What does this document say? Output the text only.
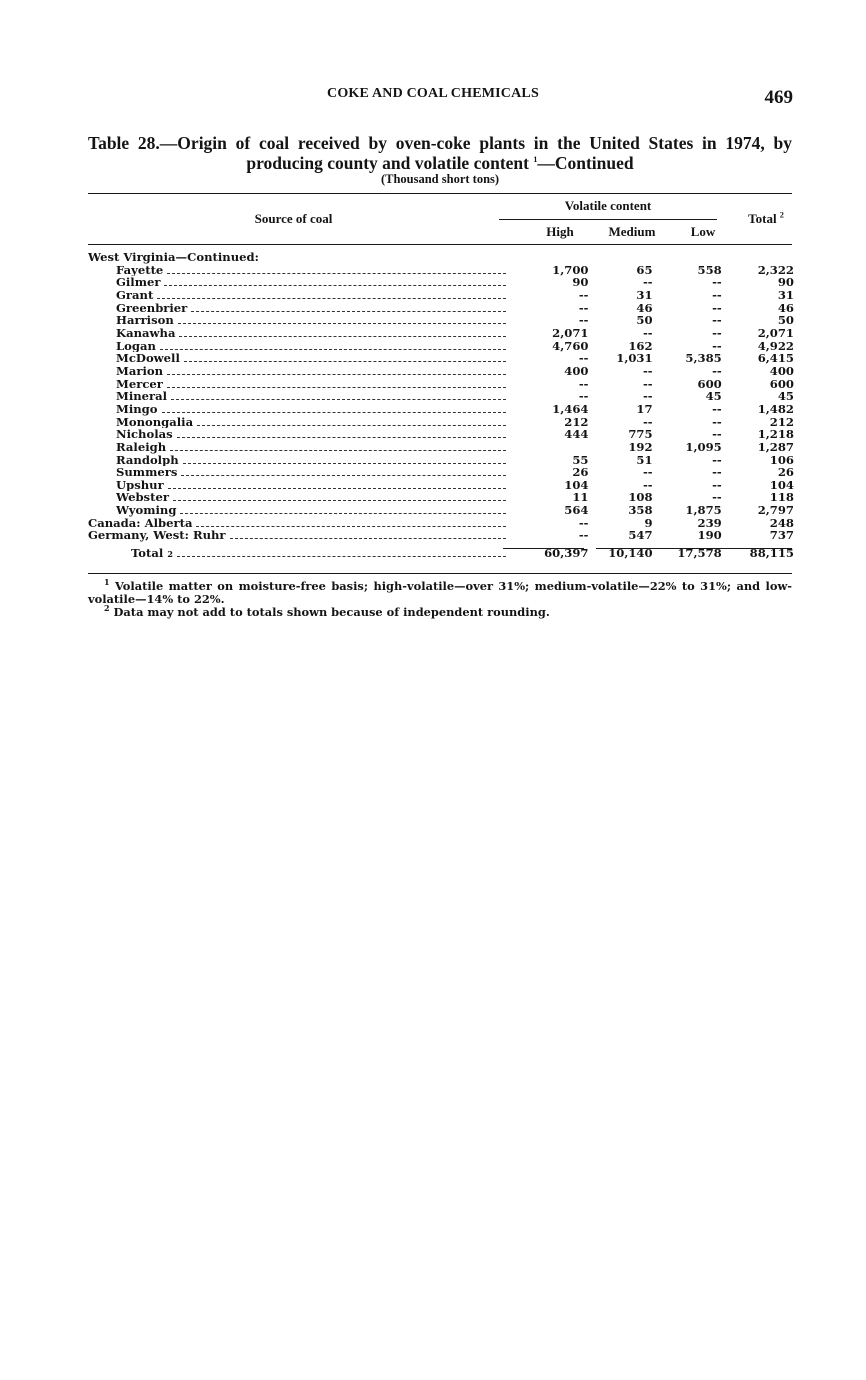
COKE AND COAL CHEMICALS	469
Table 28.—Origin of coal received by oven-coke plants in the United States in 1974, by
producing county and volatile content $^1$—Continued
(Thousand short tons)
Source of coal
Volatile content
High	Medium	Low
Total $^2$
West Virginia—Continued:				

Fayette	1,700	65	558	2,322

Gilmer	90	--	--	90

Grant	--	31	--	31

Greenbrier	--	46	--	46

Harrison	--	50	--	50

Kanawha	2,071	--	--	2,071

Logan	4,760	162	--	4,922

McDowell	--	1,031	5,385	6,415

Marion	400	--	--	400

Mercer	--	--	600	600

Mineral	--	--	45	45

Mingo	1,464	17	--	1,482

Monongalia	212	--	--	212

Nicholas	444	775	--	1,218

Raleigh		192	1,095	1,287

Randolph	55	51	--	106

Summers	26	--	--	26

Upshur	104	--	--	104

Webster	11	108	--	118

Wyoming	564	358	1,875	2,797

Canada: Alberta	--	9	239	248

Germany, West: Ruhr	--	547	190	737

Total 2	60,397	10,140	17,578	88,115

$^1$ Volatile matter on moisture-free basis; high-volatile—over 31%; medium-volatile—22% to 31%; and low-volatile—14% to 22%.

$^2$ Data may not add to totals shown because of independent rounding.
